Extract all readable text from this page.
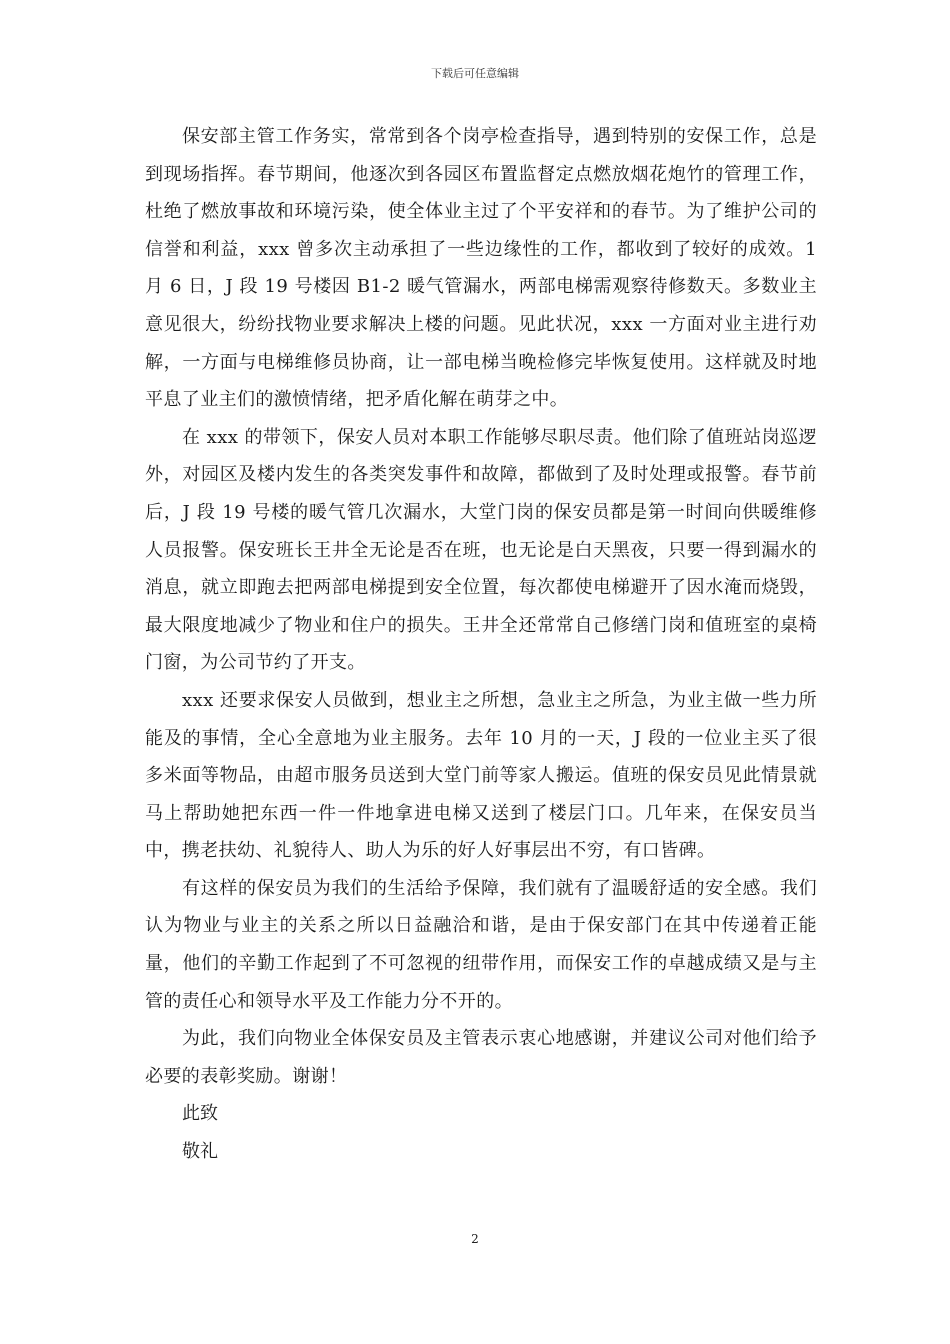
下载后可任意编辑

保安部主管工作务实，常常到各个岗亭检查指导，遇到特别的安保工作，总是到现场指挥。春节期间，他逐次到各园区布置监督定点燃放烟花炮竹的管理工作，杜绝了燃放事故和环境污染，使全体业主过了个平安祥和的春节。为了维护公司的信誉和利益，xxx 曾多次主动承担了一些边缘性的工作，都收到了较好的成效。1 月 6 日，J 段 19 号楼因 B1-2 暖气管漏水，两部电梯需观察待修数天。多数业主意见很大，纷纷找物业要求解决上楼的问题。见此状况，xxx 一方面对业主进行劝解，一方面与电梯维修员协商，让一部电梯当晚检修完毕恢复使用。这样就及时地平息了业主们的激愤情绪，把矛盾化解在萌芽之中。

在 xxx 的带领下，保安人员对本职工作能够尽职尽责。他们除了值班站岗巡逻外，对园区及楼内发生的各类突发事件和故障，都做到了及时处理或报警。春节前后，J 段 19 号楼的暖气管几次漏水，大堂门岗的保安员都是第一时间向供暖维修人员报警。保安班长王井全无论是否在班，也无论是白天黑夜，只要一得到漏水的消息，就立即跑去把两部电梯提到安全位置，每次都使电梯避开了因水淹而烧毁，最大限度地减少了物业和住户的损失。王井全还常常自己修缮门岗和值班室的桌椅门窗，为公司节约了开支。

xxx 还要求保安人员做到，想业主之所想，急业主之所急，为业主做一些力所能及的事情，全心全意地为业主服务。去年 10 月的一天，J 段的一位业主买了很多米面等物品，由超市服务员送到大堂门前等家人搬运。值班的保安员见此情景就马上帮助她把东西一件一件地拿进电梯又送到了楼层门口。几年来，在保安员当中，携老扶幼、礼貌待人、助人为乐的好人好事层出不穷，有口皆碑。

有这样的保安员为我们的生活给予保障，我们就有了温暖舒适的安全感。我们认为物业与业主的关系之所以日益融洽和谐，是由于保安部门在其中传递着正能量，他们的辛勤工作起到了不可忽视的纽带作用，而保安工作的卓越成绩又是与主管的责任心和领导水平及工作能力分不开的。

为此，我们向物业全体保安员及主管表示衷心地感谢，并建议公司对他们给予必要的表彰奖励。谢谢！

此致

敬礼

2
